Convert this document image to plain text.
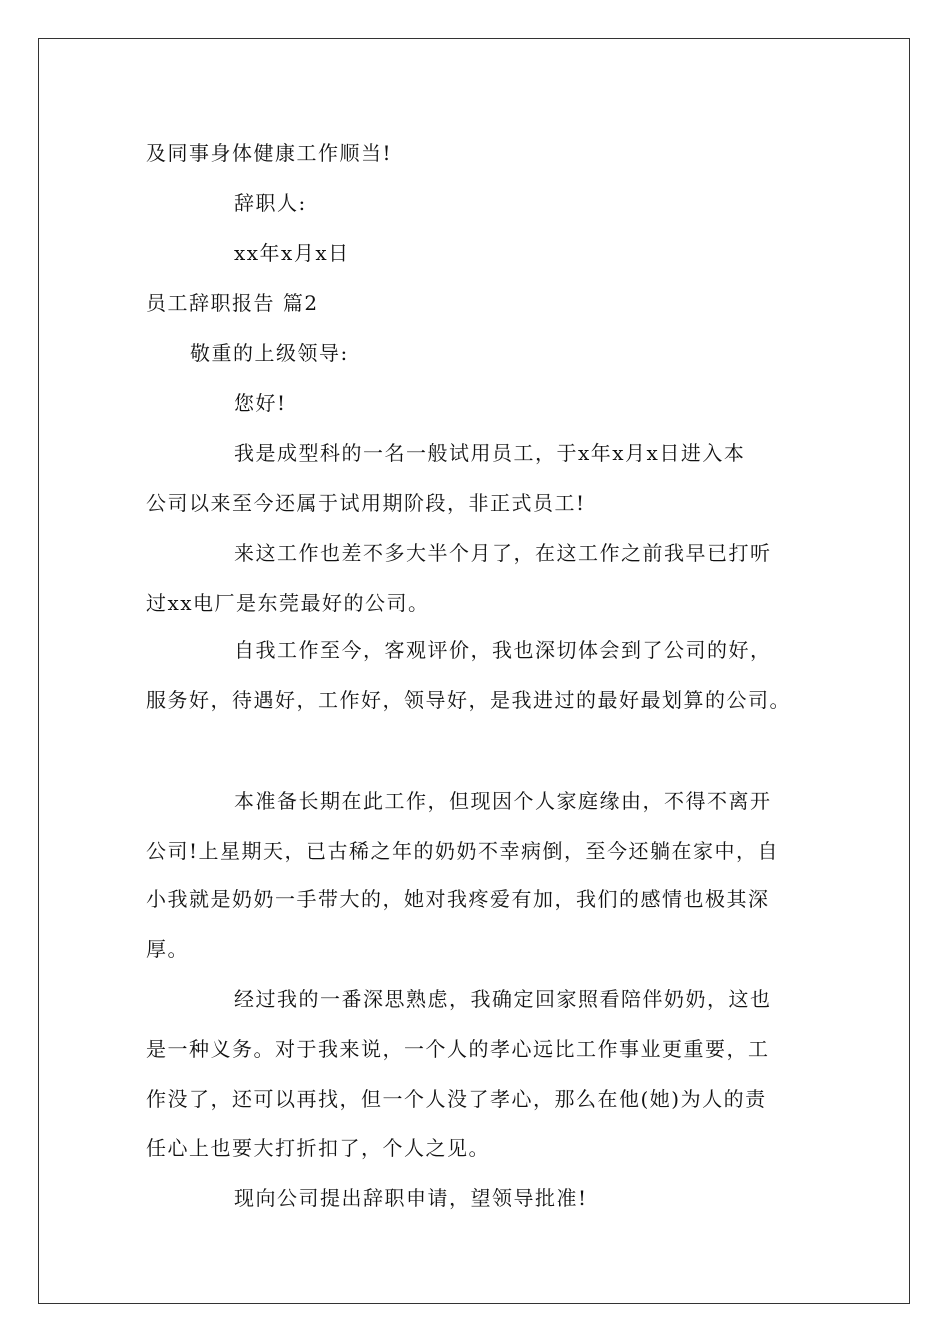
及同事身体健康工作顺当!
辞职人:
xx年x月x日
员工辞职报告 篇2
敬重的上级领导:
您好!
我是成型科的一名一般试用员工，于x年x月x日进入本
公司以来至今还属于试用期阶段，非正式员工!
来这工作也差不多大半个月了，在这工作之前我早已打听
过xx电厂是东莞最好的公司。
自我工作至今，客观评价，我也深切体会到了公司的好，
服务好，待遇好，工作好，领导好，是我进过的最好最划算的公司。
本准备长期在此工作，但现因个人家庭缘由，不得不离开
公司!上星期天，已古稀之年的奶奶不幸病倒，至今还躺在家中，自
小我就是奶奶一手带大的，她对我疼爱有加，我们的感情也极其深
厚。
经过我的一番深思熟虑，我确定回家照看陪伴奶奶，这也
是一种义务。对于我来说，一个人的孝心远比工作事业更重要，工
作没了，还可以再找，但一个人没了孝心，那么在他(她)为人的责
任心上也要大打折扣了，个人之见。
现向公司提出辞职申请，望领导批准!
